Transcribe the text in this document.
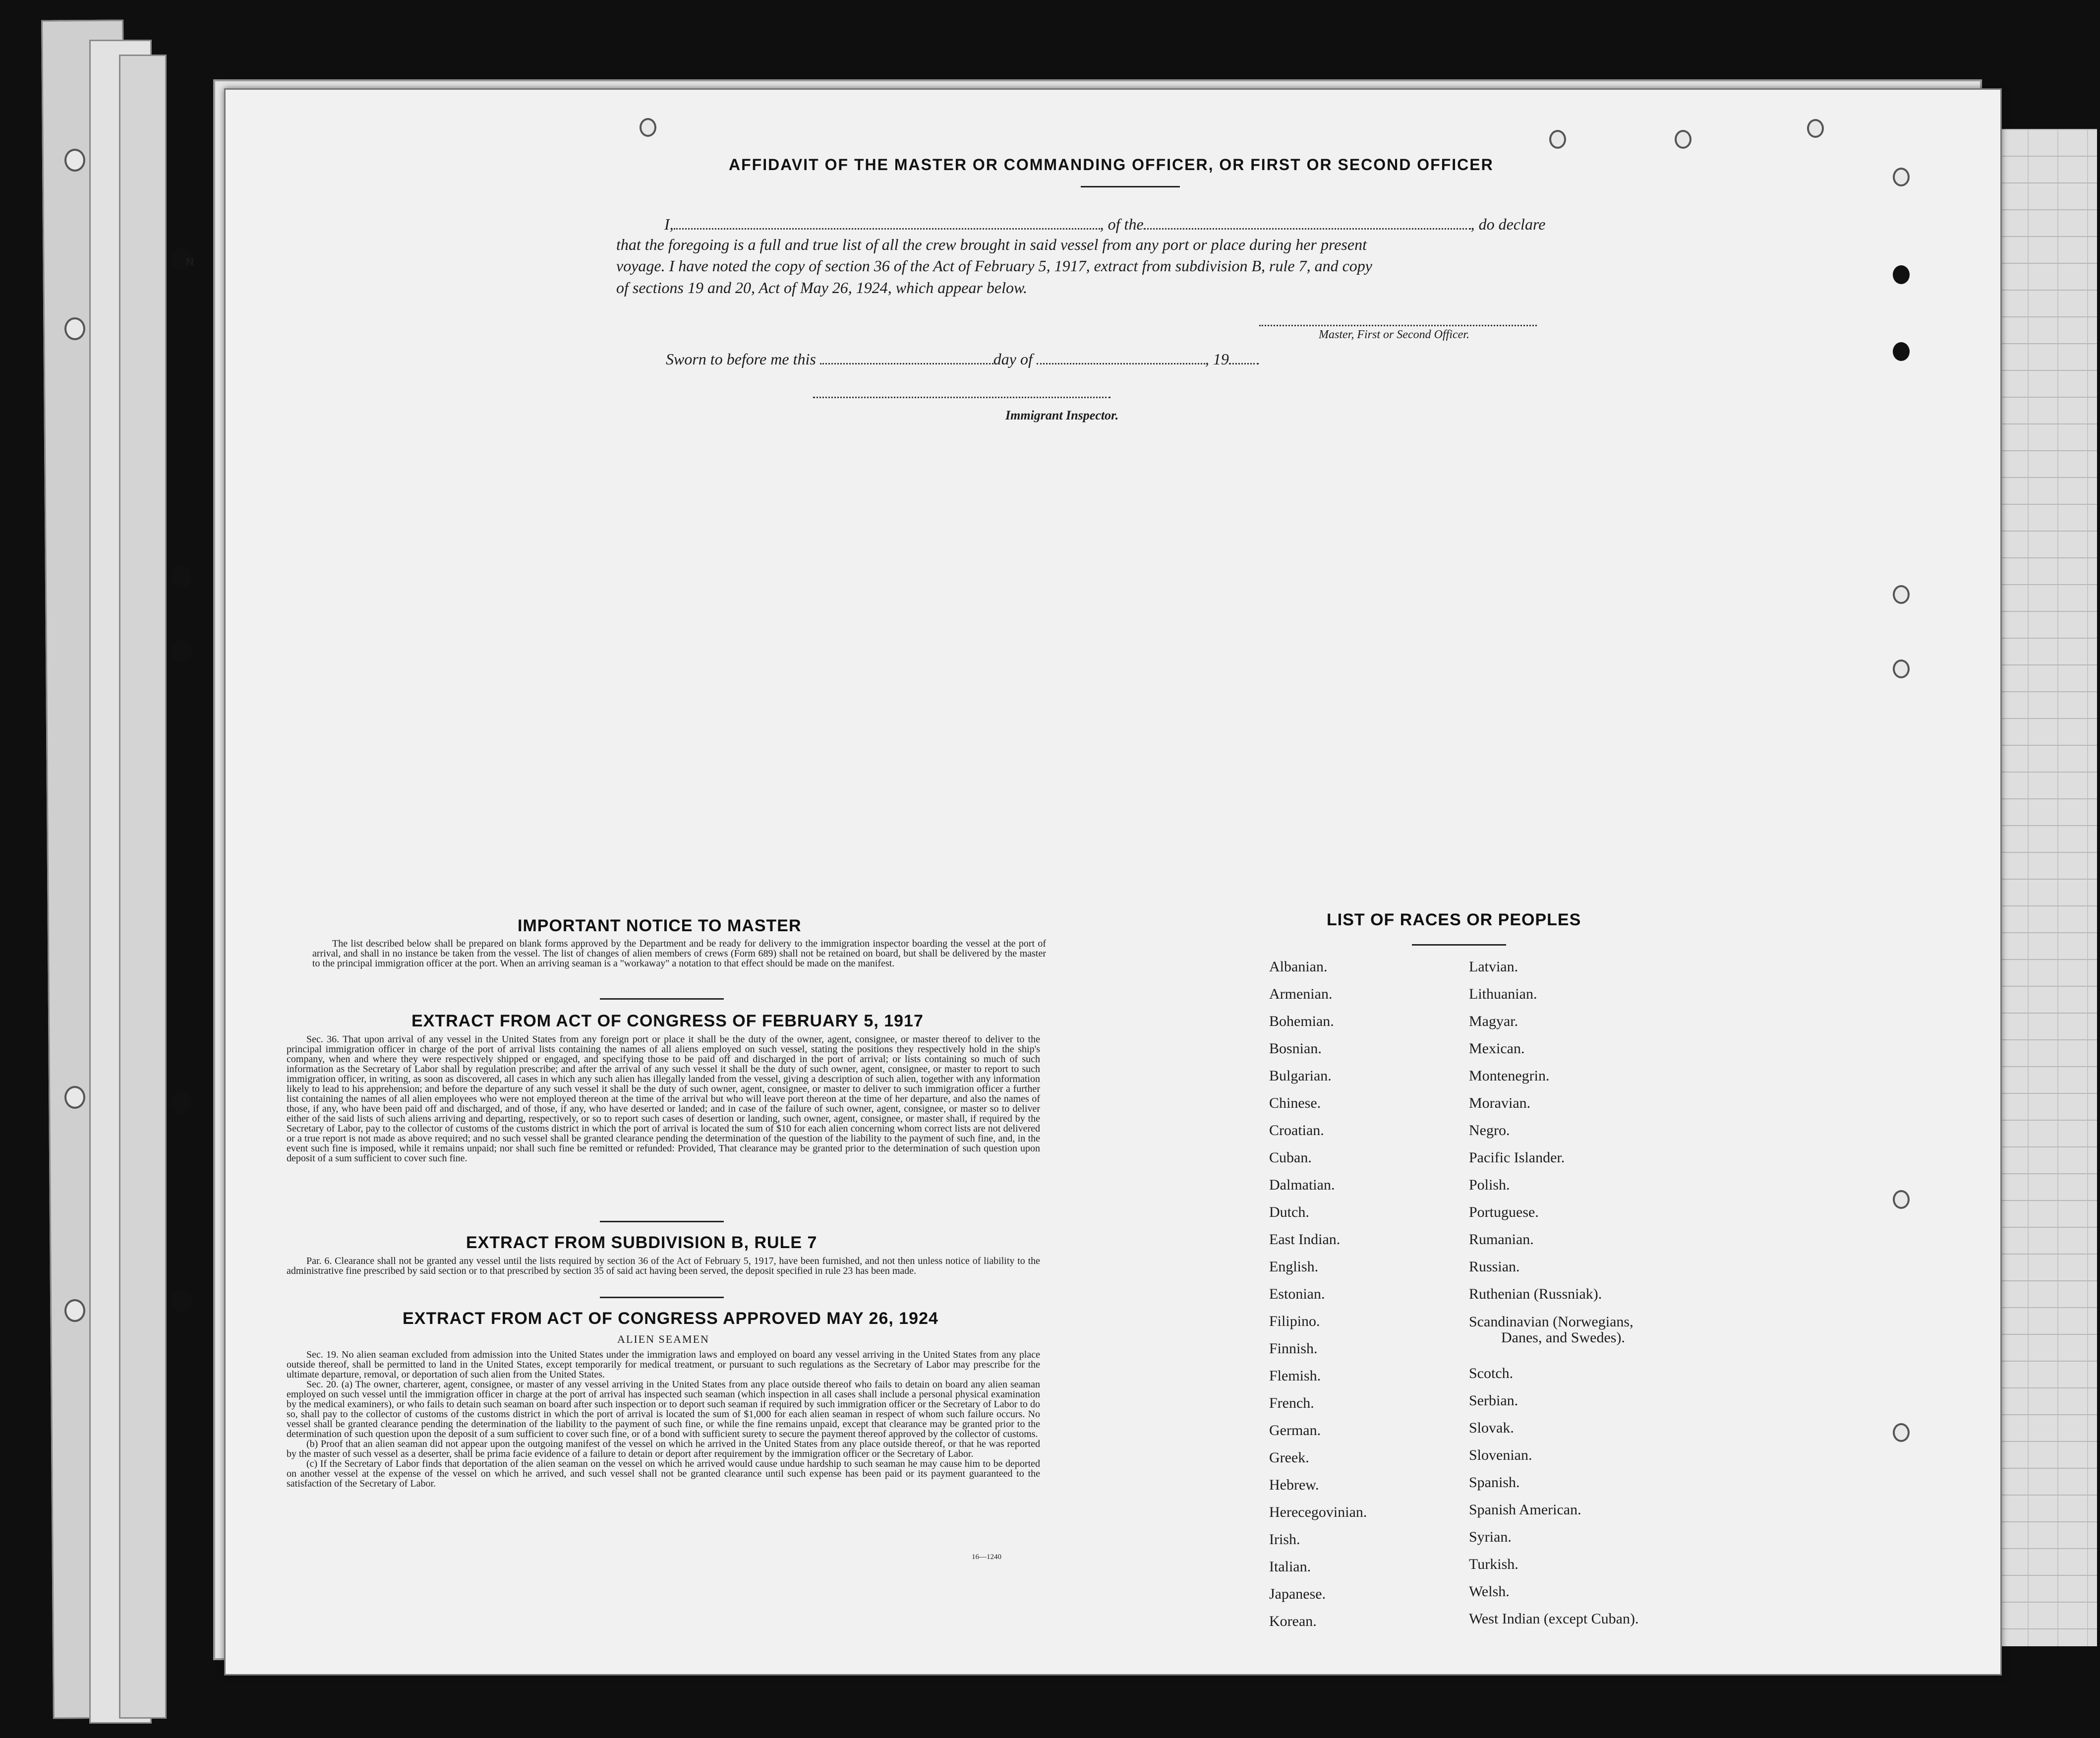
N
AFFIDAVIT OF THE MASTER OR COMMANDING OFFICER, OR FIRST OR SECOND OFFICER
I,	, of the	, do declare
that the foregoing is a full and true list of all the crew brought in said vessel from any port or place during her present
voyage. I have noted the copy of section 36 of the Act of February 5, 1917, extract from subdivision B, rule 7, and copy
of sections 19 and 20, Act of May 26, 1924, which appear below.
Master, First or Second Officer.
Sworn to before me this	day of	, 19
Immigrant Inspector.
IMPORTANT NOTICE TO MASTER

The list described below shall be prepared on blank forms approved by the Department and be ready for delivery to the immigration inspector boarding the vessel at the port of arrival, and shall in no instance be taken from the vessel. The list of changes of alien members of crews (Form 689) shall not be retained on board, but shall be delivered by the master to the principal immigration officer at the port. When an arriving seaman is a "workaway" a notation to that effect should be made on the manifest.

EXTRACT FROM ACT OF CONGRESS OF FEBRUARY 5, 1917

Sec. 36. That upon arrival of any vessel in the United States from any foreign port or place it shall be the duty of the owner, agent, consignee, or master thereof to deliver to the principal immigration officer in charge of the port of arrival lists containing the names of all aliens employed on such vessel, stating the positions they respectively hold in the ship's company, when and where they were respectively shipped or engaged, and specifying those to be paid off and discharged in the port of arrival; or lists containing so much of such information as the Secretary of Labor shall by regulation prescribe; and after the arrival of any such vessel it shall be the duty of such owner, agent, consignee, or master to report to such immigration officer, in writing, as soon as discovered, all cases in which any such alien has illegally landed from the vessel, giving a description of such alien, together with any information likely to lead to his apprehension; and before the departure of any such vessel it shall be the duty of such owner, agent, consignee, or master to deliver to such immigration officer a further list containing the names of all alien employees who were not employed thereon at the time of the arrival but who will leave port thereon at the time of her departure, and also the names of those, if any, who have been paid off and discharged, and of those, if any, who have deserted or landed; and in case of the failure of such owner, agent, consignee, or master so to deliver either of the said lists of such aliens arriving and departing, respectively, or so to report such cases of desertion or landing, such owner, agent, consignee, or master shall, if required by the Secretary of Labor, pay to the collector of customs of the customs district in which the port of arrival is located the sum of $10 for each alien concerning whom correct lists are not delivered or a true report is not made as above required; and no such vessel shall be granted clearance pending the determination of the question of the liability to the payment of such fine, and, in the event such fine is imposed, while it remains unpaid; nor shall such fine be remitted or refunded: Provided, That clearance may be granted prior to the determination of such question upon deposit of a sum sufficient to cover such fine.

EXTRACT FROM SUBDIVISION B, RULE 7

Par. 6. Clearance shall not be granted any vessel until the lists required by section 36 of the Act of February 5, 1917, have been furnished, and not then unless notice of liability to the administrative fine prescribed by said section or to that prescribed by section 35 of said act having been served, the deposit specified in rule 23 has been made.

EXTRACT FROM ACT OF CONGRESS APPROVED MAY 26, 1924
ALIEN SEAMEN

Sec. 19. No alien seaman excluded from admission into the United States under the immigration laws and employed on board any vessel arriving in the United States from any place outside thereof, shall be permitted to land in the United States, except temporarily for medical treatment, or pursuant to such regulations as the Secretary of Labor may prescribe for the ultimate departure, removal, or deportation of such alien from the United States.

Sec. 20. (a) The owner, charterer, agent, consignee, or master of any vessel arriving in the United States from any place outside thereof who fails to detain on board any alien seaman employed on such vessel until the immigration officer in charge at the port of arrival has inspected such seaman (which inspection in all cases shall include a personal physical examination by the medical examiners), or who fails to detain such seaman on board after such inspection or to deport such seaman if required by such immigration officer or the Secretary of Labor to do so, shall pay to the collector of customs of the customs district in which the port of arrival is located the sum of $1,000 for each alien seaman in respect of whom such failure occurs. No vessel shall be granted clearance pending the determination of the liability to the payment of such fine, or while the fine remains unpaid, except that clearance may be granted prior to the determination of such question upon the deposit of a sum sufficient to cover such fine, or of a bond with sufficient surety to secure the payment thereof approved by the collector of customs.

(b) Proof that an alien seaman did not appear upon the outgoing manifest of the vessel on which he arrived in the United States from any place outside thereof, or that he was reported by the master of such vessel as a deserter, shall be prima facie evidence of a failure to detain or deport after requirement by the immigration officer or the Secretary of Labor.

(c) If the Secretary of Labor finds that deportation of the alien seaman on the vessel on which he arrived would cause undue hardship to such seaman he may cause him to be deported on another vessel at the expense of the vessel on which he arrived, and such vessel shall not be granted clearance until such expense has been paid or its payment guaranteed to the satisfaction of the Secretary of Labor.

16—1240
LIST OF RACES OR PEOPLES
Albanian.
Armenian.
Bohemian.
Bosnian.
Bulgarian.
Chinese.
Croatian.
Cuban.
Dalmatian.
Dutch.
East Indian.
English.
Estonian.
Filipino.
Finnish.
Flemish.
French.
German.
Greek.
Hebrew.
Herecegovinian.
Irish.
Italian.
Japanese.
Korean.
Latvian.
Lithuanian.
Magyar.
Mexican.
Montenegrin.
Moravian.
Negro.
Pacific Islander.
Polish.
Portuguese.
Rumanian.
Russian.
Ruthenian (Russniak).
Scandinavian (Norwegians,
Danes, and Swedes).
Scotch.
Serbian.
Slovak.
Slovenian.
Spanish.
Spanish American.
Syrian.
Turkish.
Welsh.
West Indian (except Cuban).
